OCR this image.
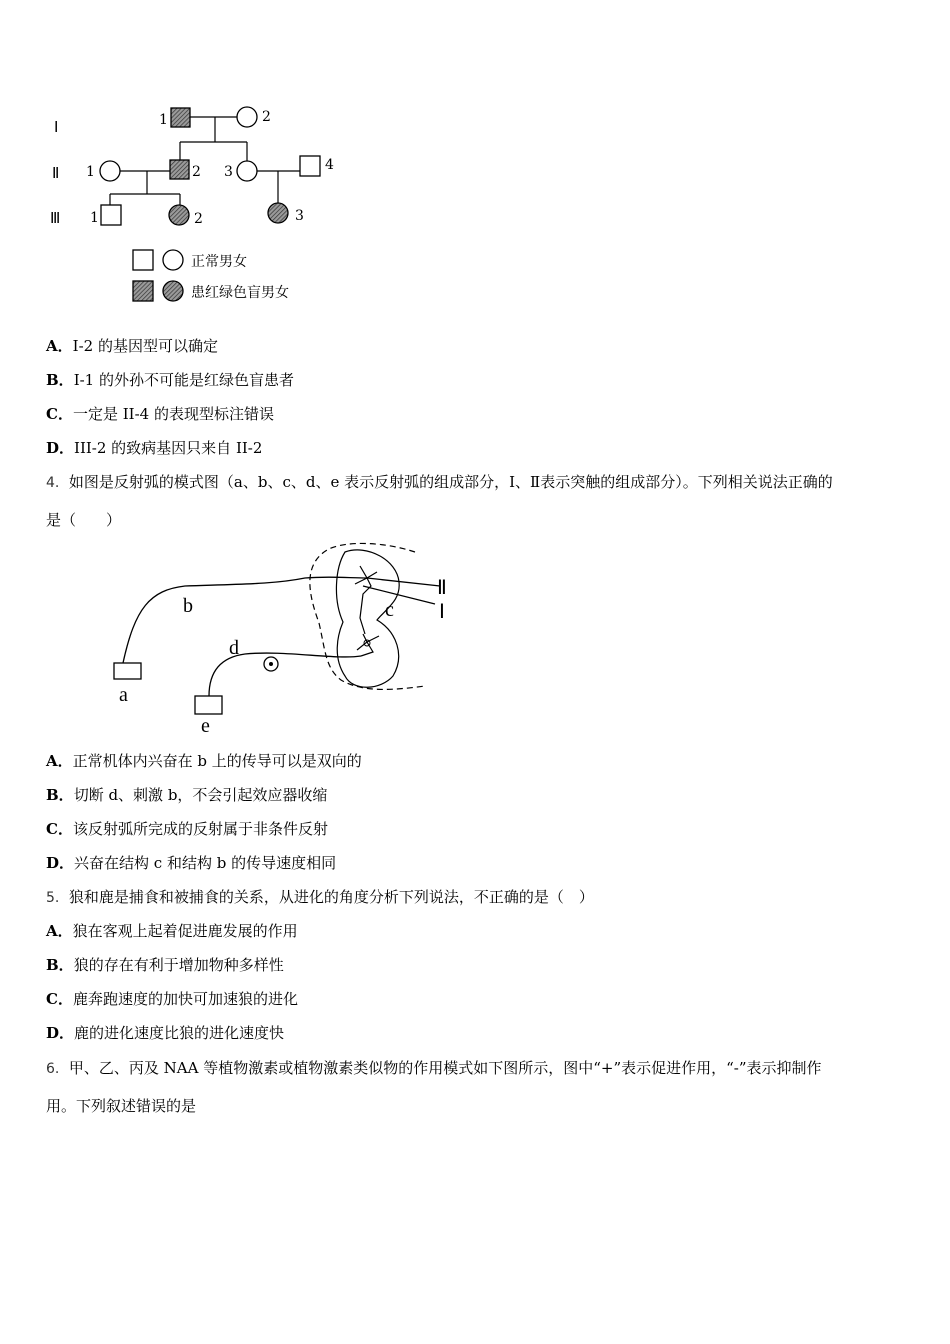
Ⅰ
Ⅱ
Ⅲ
1	2
1	2 3	4
1	2	3
正常男女
患红绿色盲男女
A．I-2 的基因型可以确定
B．I-1 的外孙不可能是红绿色盲患者
C．一定是 II-4 的表现型标注错误
D．III-2 的致病基因只来自 II-2
4. 如图是反射弧的模式图（a、b、c、d、e 表示反射弧的组成部分，Ⅰ、Ⅱ表示突触的组成部分）。下列相关说法正确的
是（　　）
a
b	c
d
e
Ⅱ
Ⅰ
A．正常机体内兴奋在 b 上的传导可以是双向的
B．切断 d、刺激 b，不会引起效应器收缩
C．该反射弧所完成的反射属于非条件反射
D．兴奋在结构 c 和结构 b 的传导速度相同
5. 狼和鹿是捕食和被捕食的关系，从进化的角度分析下列说法，不正确的是（　）
A．狼在客观上起着促进鹿发展的作用
B．狼的存在有利于增加物种多样性
C．鹿奔跑速度的加快可加速狼的进化
D．鹿的进化速度比狼的进化速度快
6. 甲、乙、丙及 NAA 等植物激素或植物激素类似物的作用模式如下图所示，图中“+”表示促进作用，“-”表示抑制作
用。下列叙述错误的是
